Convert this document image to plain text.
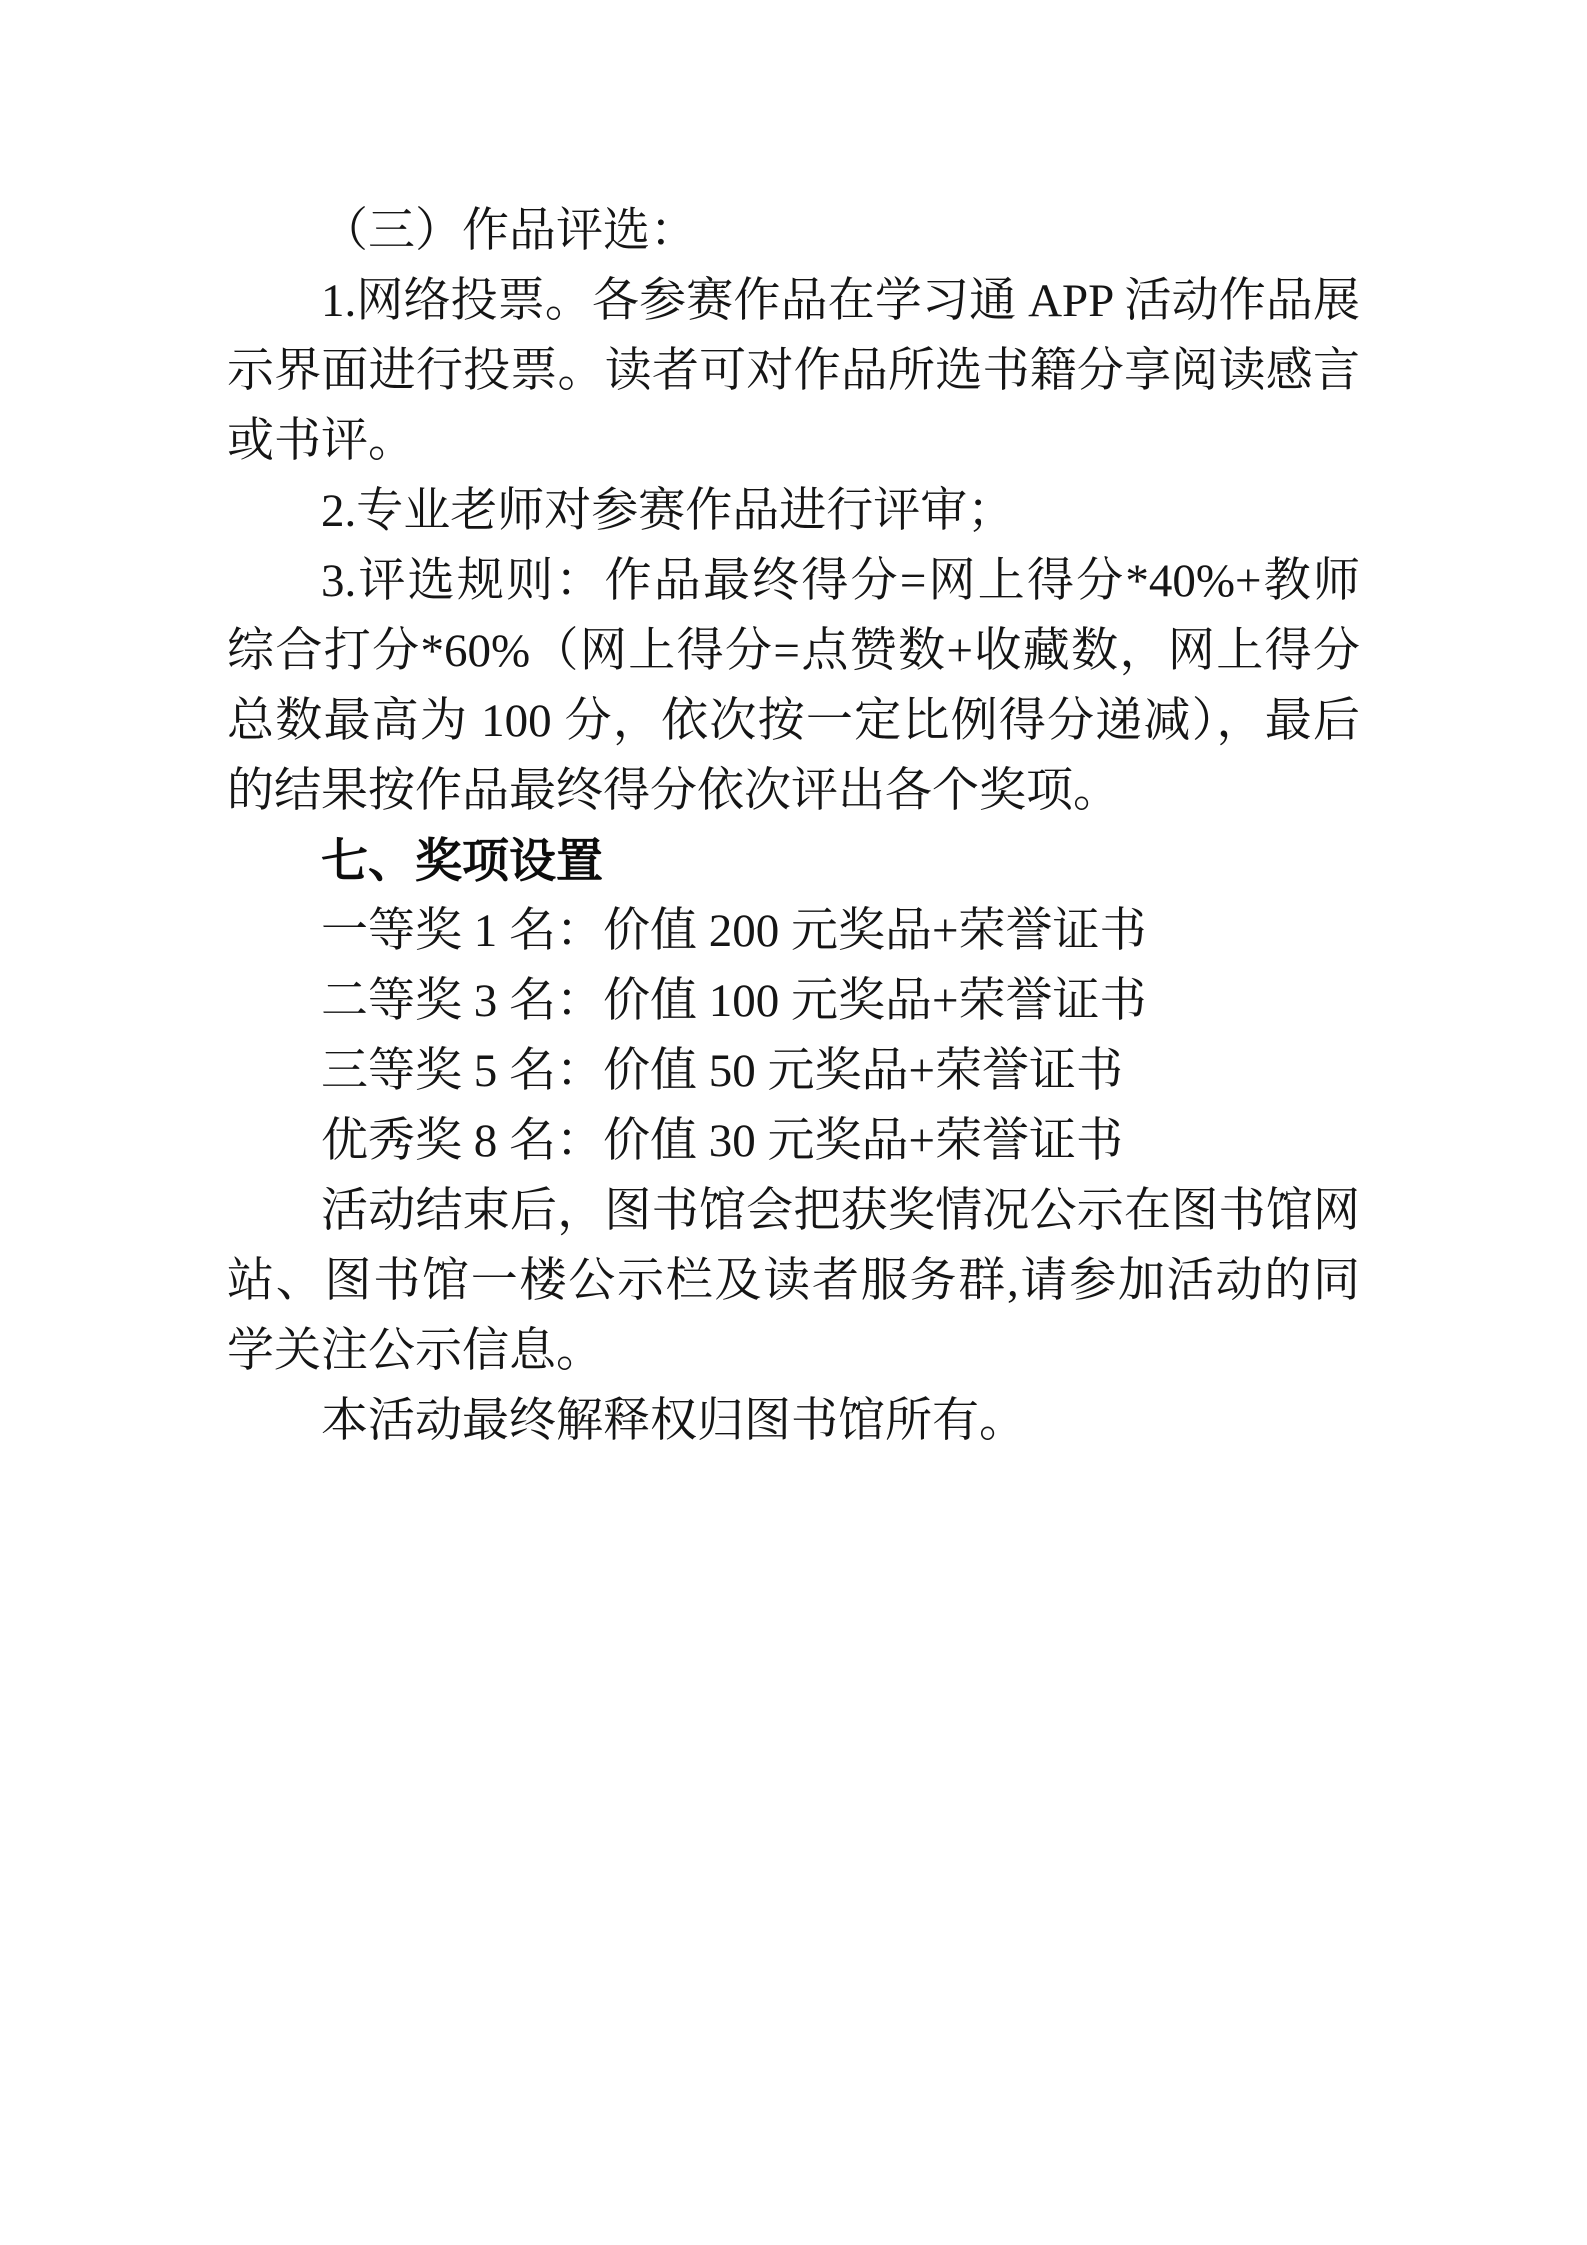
（三）作品评选：

1.网络投票。各参赛作品在学习通 APP 活动作品展示界面进行投票。读者可对作品所选书籍分享阅读感言或书评。

2.专业老师对参赛作品进行评审；

3.评选规则：作品最终得分=网上得分*40%+教师综合打分*60%（网上得分=点赞数+收藏数，网上得分总数最高为 100 分，依次按一定比例得分递减），最后的结果按作品最终得分依次评出各个奖项。

七、奖项设置

一等奖 1 名：价值 200 元奖品+荣誉证书

二等奖 3 名：价值 100 元奖品+荣誉证书

三等奖 5 名：价值 50 元奖品+荣誉证书

优秀奖 8 名：价值 30 元奖品+荣誉证书

活动结束后，图书馆会把获奖情况公示在图书馆网站、图书馆一楼公示栏及读者服务群,请参加活动的同学关注公示信息。

本活动最终解释权归图书馆所有。
